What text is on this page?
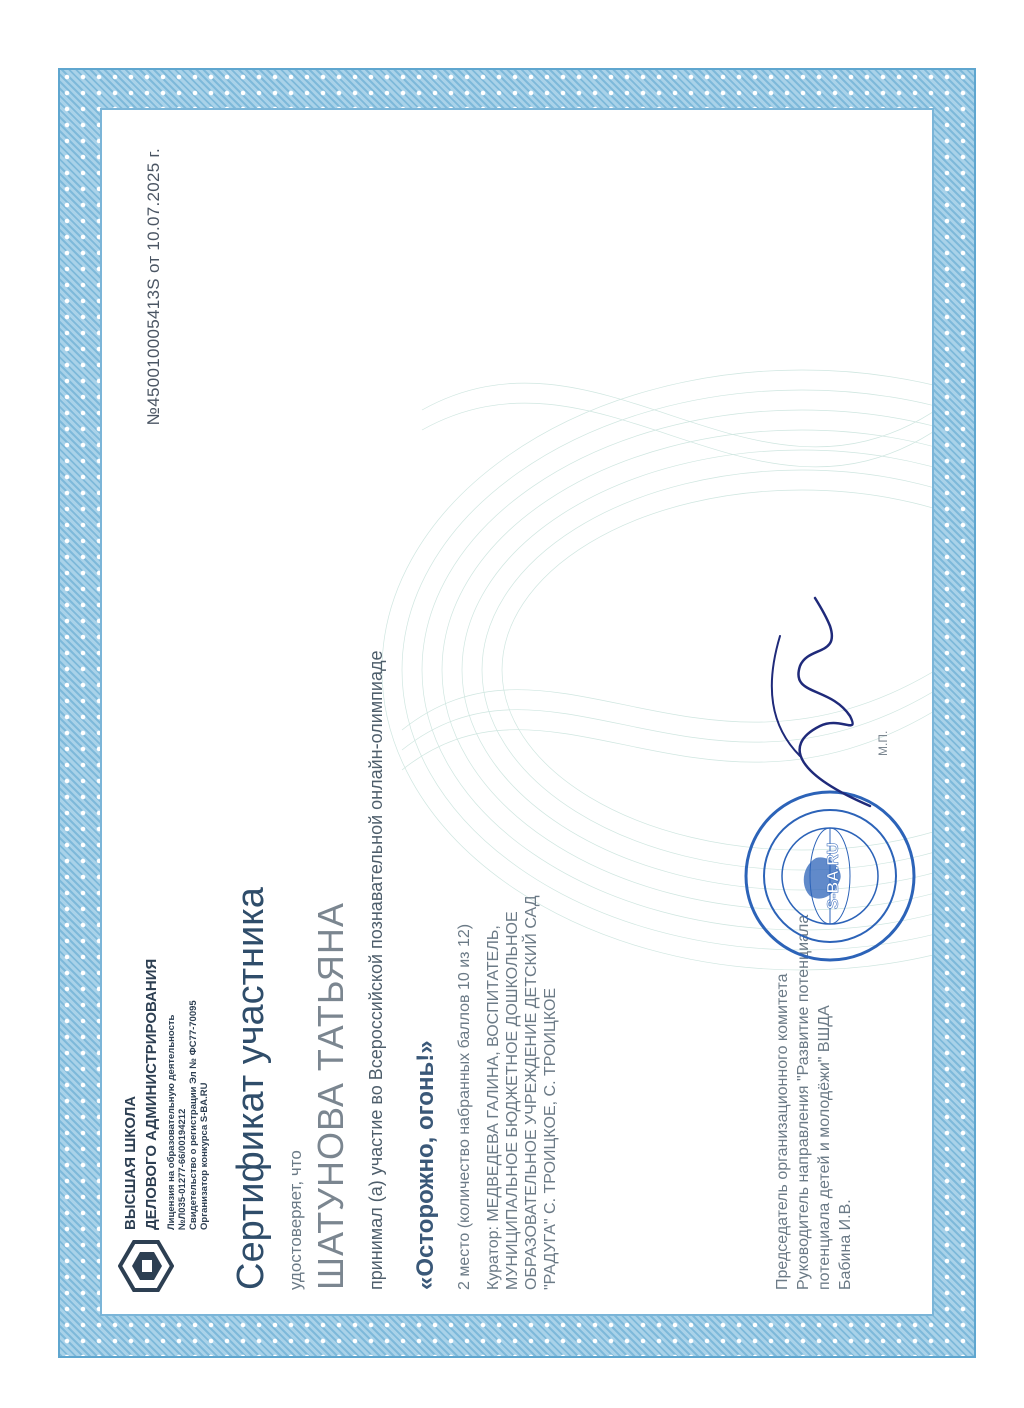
ВЫСШАЯ ШКОЛА ДЕЛОВОГО АДМИНИСТРИРОВАНИЯ Лицензия на образовательную деятельность №Л035-01277-66/00194212 Свидетельство о регистрации Эл № ФС77-70095 Организатор конкурса S-BA.RU
№450010005413S от 10.07.2025 г.
Сертификат участника удостоверяет, что ШАТУНОВА ТАТЬЯНА принимал (а) участие во Всероссийской познавательной онлайн-олимпиаде «Осторожно, огонь!» 2 место (количество набранных баллов 10 из 12) Куратор: МЕДВЕДЕВА ГАЛИНА, ВОСПИТАТЕЛЬ, МУНИЦИПАЛЬНОЕ БЮДЖЕТНОЕ ДОШКОЛЬНОЕ ОБРАЗОВАТЕЛЬНОЕ УЧРЕЖДЕНИЕ ДЕТСКИЙ САД "РАДУГА" С. ТРОИЦКОЕ, С. ТРОИЦКОЕ	Председатель организационного комитета Руководитель направления "Развитие потенциала потенциала детей и молодёжи" ВШДА Бабина И.В.
S-BA.RU
М.П.
